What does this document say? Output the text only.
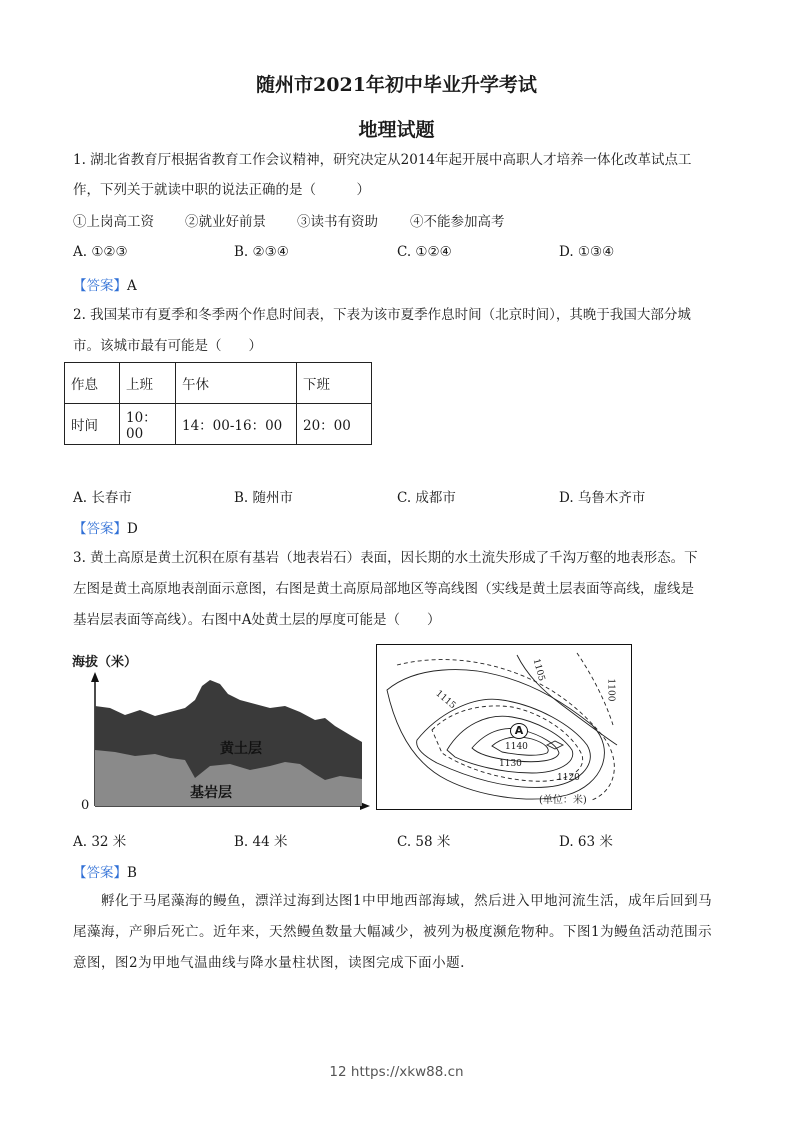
随州市2021年初中毕业升学考试
地理试题
1. 湖北省教育厅根据省教育工作会议精神，研究决定从2014年起开展中高职人才培养一体化改革试点工
作，下列关于就读中职的说法正确的是（　　　）
①上岗高工资 ②就业好前景 ③读书有资助 ④不能参加高考
A. ①②③	B. ②③④	C. ①②④	D. ①③④
【答案】A
2. 我国某市有夏季和冬季两个作息时间表，下表为该市夏季作息时间（北京时间），其晚于我国大部分城
市。该城市最有可能是（　　）
作息	上班	午休	下班
时间	10：00	14：00-16：00	20：00
A. 长春市	B. 随州市	C. 成都市	D. 乌鲁木齐市
【答案】D
3. 黄土高原是黄土沉积在原有基岩（地表岩石）表面，因长期的水土流失形成了千沟万壑的地表形态。下
左图是黄土高原地表剖面示意图，右图是黄土高原局部地区等高线图（实线是黄土层表面等高线，虚线是
基岩层表面等高线）。右图中A处黄土层的厚度可能是（　　）
海拔（米）
0
黄土层
基岩层
A
1115
1105
1100
1140
1130
1120
(单位：米)
A. 32 米	B. 44 米	C. 58 米	D. 63 米
【答案】B
孵化于马尾藻海的鳗鱼，漂洋过海到达图1中甲地西部海域，然后进入甲地河流生活，成年后回到马
尾藻海，产卵后死亡。近年来，天然鳗鱼数量大幅减少，被列为极度濒危物种。下图1为鳗鱼活动范围示
意图，图2为甲地气温曲线与降水量柱状图，读图完成下面小题.
12 https://xkw88.cn
